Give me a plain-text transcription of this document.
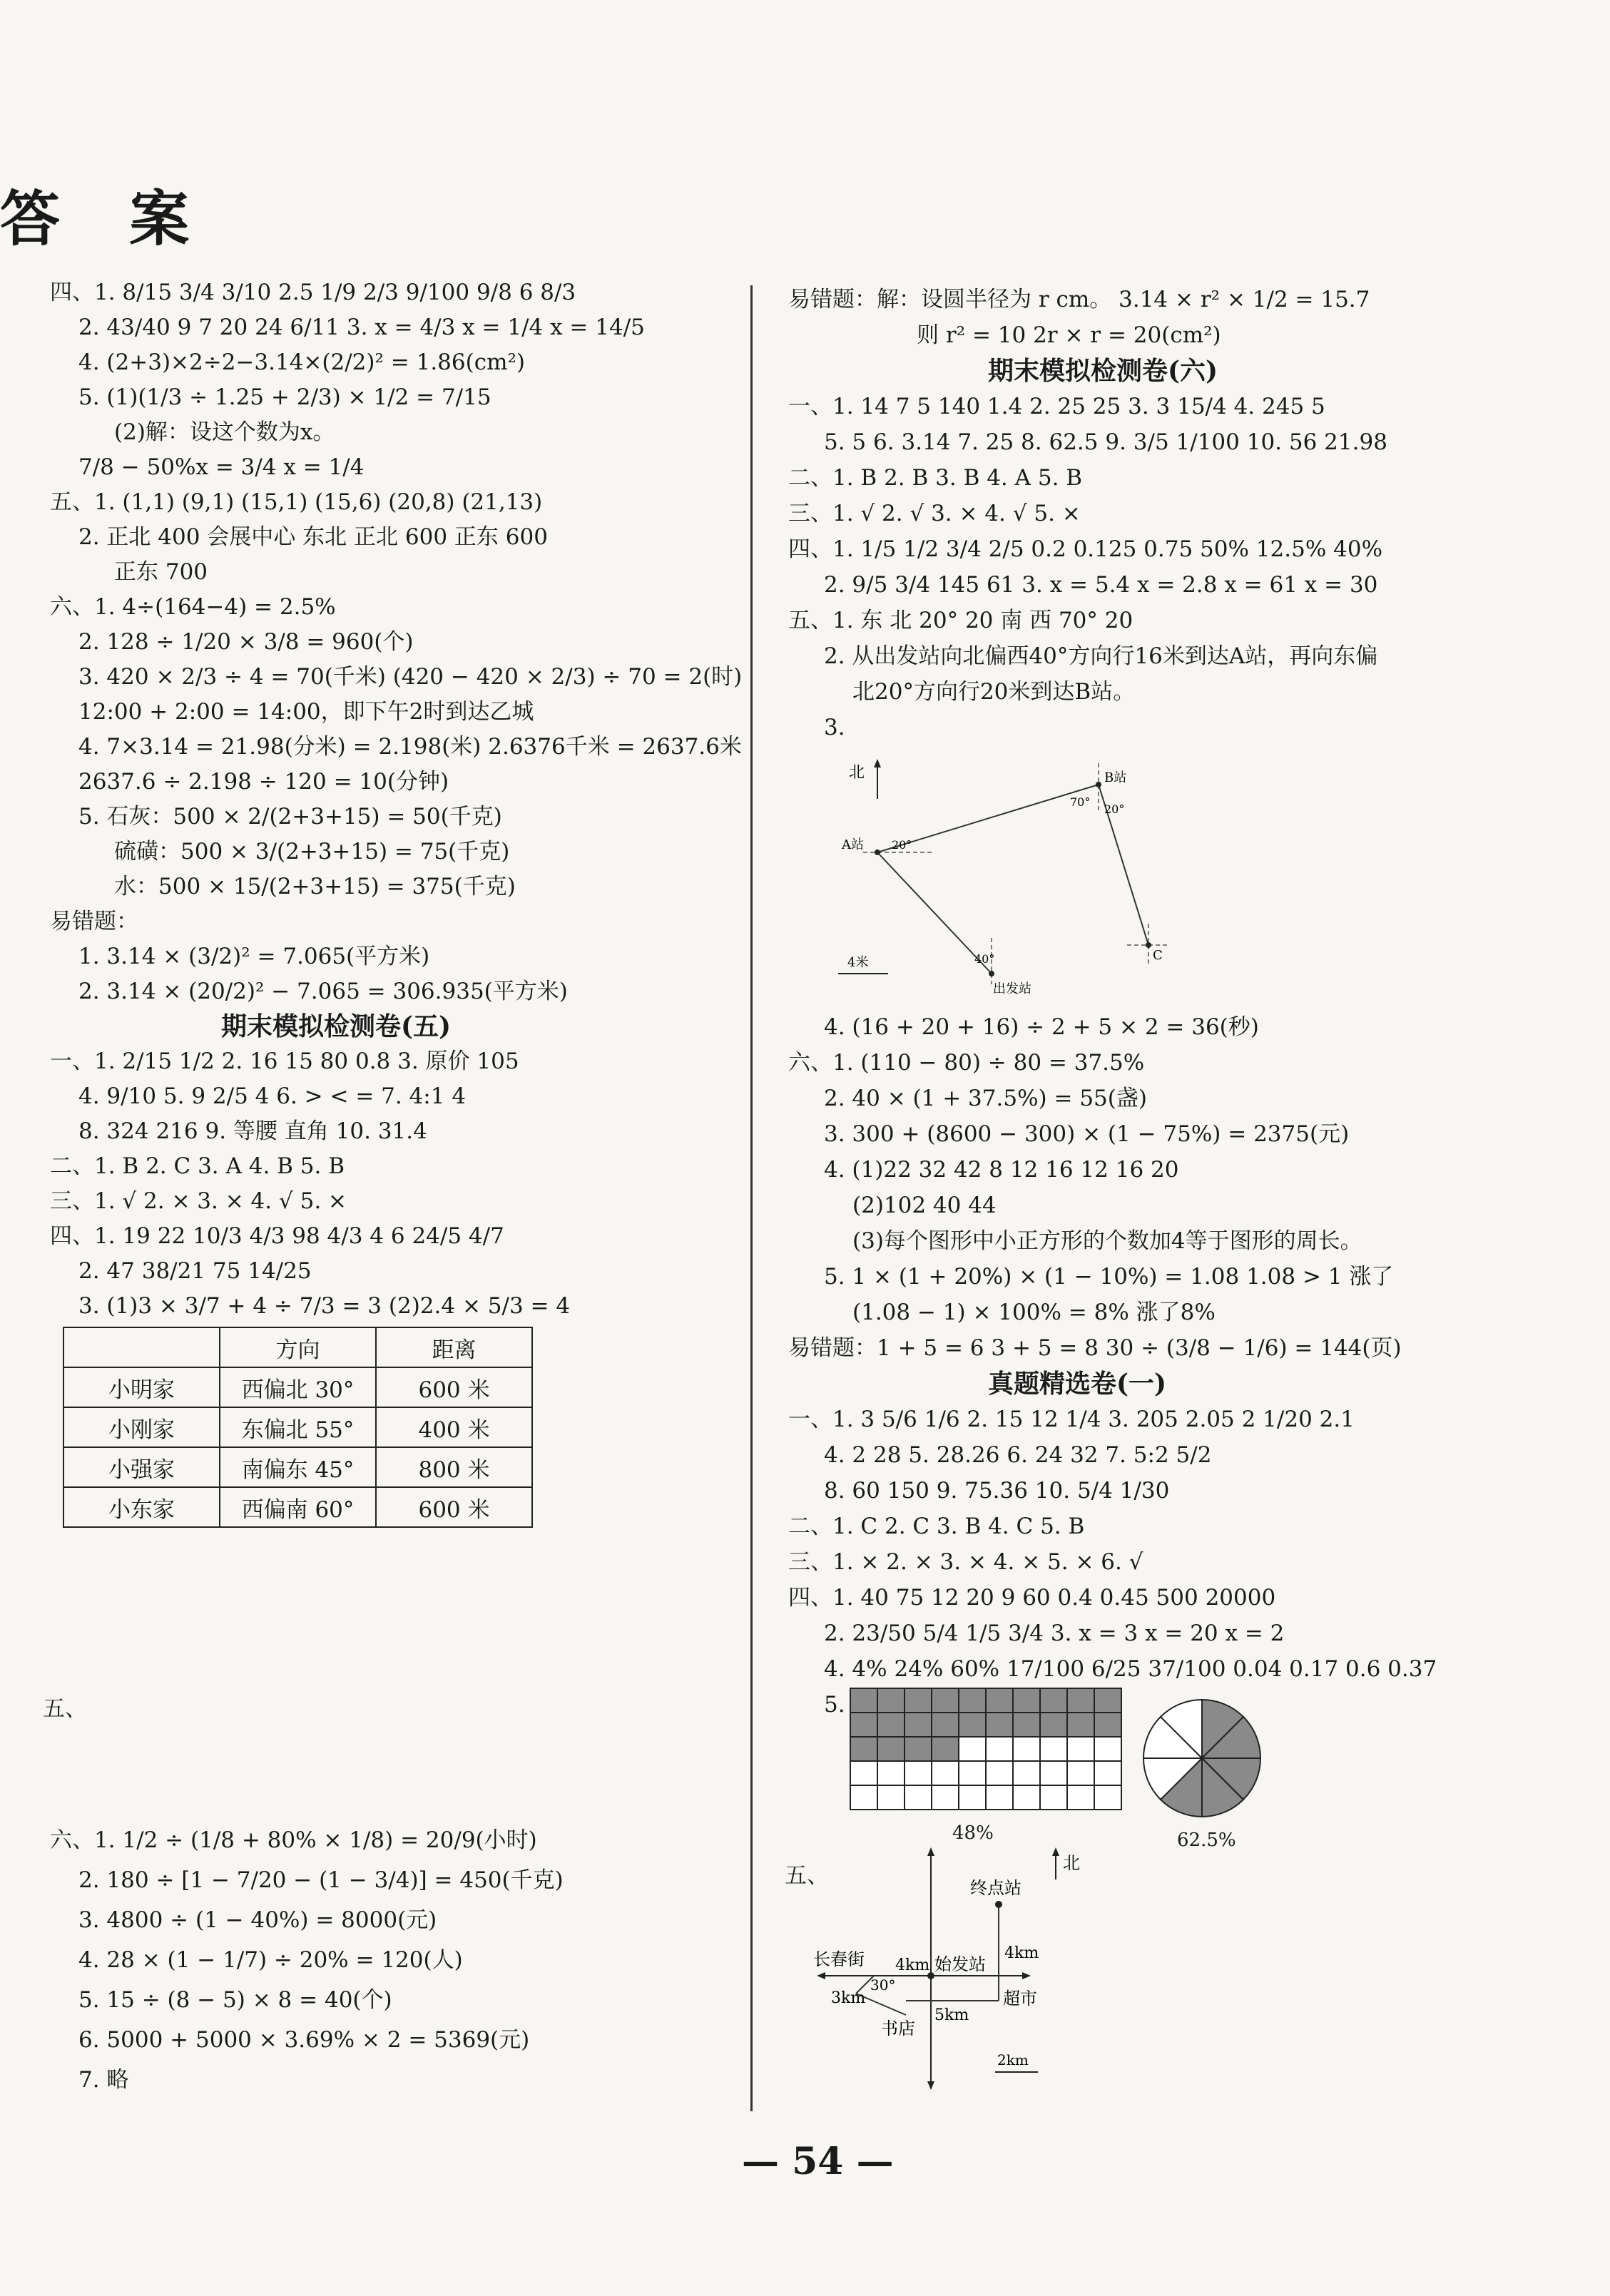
答 案
四、1. 8/15 3/4 3/10 2.5 1/9 2/3 9/100 9/8 6 8/3
2. 43/40 9 7 20 24 6/11 3. x = 4/3 x = 1/4 x = 14/5
4. (2+3)×2÷2−3.14×(2/2)² = 1.86(cm²)
5. (1)(1/3 ÷ 1.25 + 2/3) × 1/2 = 7/15
(2)解：设这个数为x。
7/8 − 50%x = 3/4 x = 1/4
五、1. (1,1) (9,1) (15,1) (15,6) (20,8) (21,13)
2. 正北 400 会展中心 东北 正北 600 正东 600
正东 700
六、1. 4÷(164−4) = 2.5%
2. 128 ÷ 1/20 × 3/8 = 960(个)
3. 420 × 2/3 ÷ 4 = 70(千米) (420 − 420 × 2/3) ÷ 70 = 2(时)
12:00 + 2:00 = 14:00，即下午2时到达乙城
4. 7×3.14 = 21.98(分米) = 2.198(米) 2.6376千米 = 2637.6米
2637.6 ÷ 2.198 ÷ 120 = 10(分钟)
5. 石灰：500 × 2/(2+3+15) = 50(千克)
硫磺：500 × 3/(2+3+15) = 75(千克)
水：500 × 15/(2+3+15) = 375(千克)
易错题：
1. 3.14 × (3/2)² = 7.065(平方米)
2. 3.14 × (20/2)² − 7.065 = 306.935(平方米)
期末模拟检测卷(五)
一、1. 2/15 1/2 2. 16 15 80 0.8 3. 原价 105
4. 9/10 5. 9 2/5 4 6. > < = 7. 4:1 4
8. 324 216 9. 等腰 直角 10. 31.4
二、1. B 2. C 3. A 4. B 5. B
三、1. √ 2. × 3. × 4. √ 5. ×
四、1. 19 22 10/3 4/3 98 4/3 4 6 24/5 4/7
2. 47 38/21 75 14/25
3. (1)3 × 3/7 + 4 ÷ 7/3 = 3 (2)2.4 × 5/3 = 4
五、
	方向	距离
小明家	西偏北 30°	600 米
小刚家	东偏北 55°	400 米
小强家	南偏东 45°	800 米
小东家	西偏南 60°	600 米
六、1. 1/2 ÷ (1/8 + 80% × 1/8) = 20/9(小时)
2. 180 ÷ [1 − 7/20 − (1 − 3/4)] = 450(千克)
3. 4800 ÷ (1 − 40%) = 8000(元)
4. 28 × (1 − 1/7) ÷ 20% = 120(人)
5. 15 ÷ (8 − 5) × 8 = 40(个)
6. 5000 + 5000 × 3.69% × 2 = 5369(元)
7. 略
易错题：解：设圆半径为 r cm。 3.14 × r² × 1/2 = 15.7
则 r² = 10 2r × r = 20(cm²)
期末模拟检测卷(六)
一、1. 14 7 5 140 1.4 2. 25 25 3. 3 15/4 4. 245 5
5. 5 6. 3.14 7. 25 8. 62.5 9. 3/5 1/100 10. 56 21.98
二、1. B 2. B 3. B 4. A 5. B
三、1. √ 2. √ 3. × 4. √ 5. ×
四、1. 1/5 1/2 3/4 2/5 0.2 0.125 0.75 50% 12.5% 40%
2. 9/5 3/4 145 61 3. x = 5.4 x = 2.8 x = 61 x = 30
五、1. 东 北 20° 20 南 西 70° 20
2. 从出发站向北偏西40°方向行16米到达A站，再向东偏
北20°方向行20米到达B站。
3.
北
A站
B站
C
出发站
20°
20°
70°
40°
4米
4. (16 + 20 + 16) ÷ 2 + 5 × 2 = 36(秒)
六、1. (110 − 80) ÷ 80 = 37.5%
2. 40 × (1 + 37.5%) = 55(盏)
3. 300 + (8600 − 300) × (1 − 75%) = 2375(元)
4. (1)22 32 42 8 12 16 12 16 20
(2)102 40 44
(3)每个图形中小正方形的个数加4等于图形的周长。
5. 1 × (1 + 20%) × (1 − 10%) = 1.08 1.08 > 1 涨了
(1.08 − 1) × 100% = 8% 涨了8%
易错题：1 + 5 = 6 3 + 5 = 8 30 ÷ (3/8 − 1/6) = 144(页)
真题精选卷(一)
一、1. 3 5/6 1/6 2. 15 12 1/4 3. 205 2.05 2 1/20 2.1
4. 2 28 5. 28.26 6. 24 32 7. 5:2 5/2
8. 60 150 9. 75.36 10. 5/4 1/30
二、1. C 2. C 3. B 4. C 5. B
三、1. × 2. × 3. × 4. × 5. × 6. √
四、1. 40 75 12 20 9 60 0.4 0.45 500 20000
2. 23/50 5/4 1/5 3/4 3. x = 3 x = 20 x = 2
4. 4% 24% 60% 17/100 6/25 37/100 0.04 0.17 0.6 0.37
5.
48%	62.5%
五、	北
终点站
长春街 4km 始发站
4km
3km
30°
超市
书店
5km
2km
— 54 —
